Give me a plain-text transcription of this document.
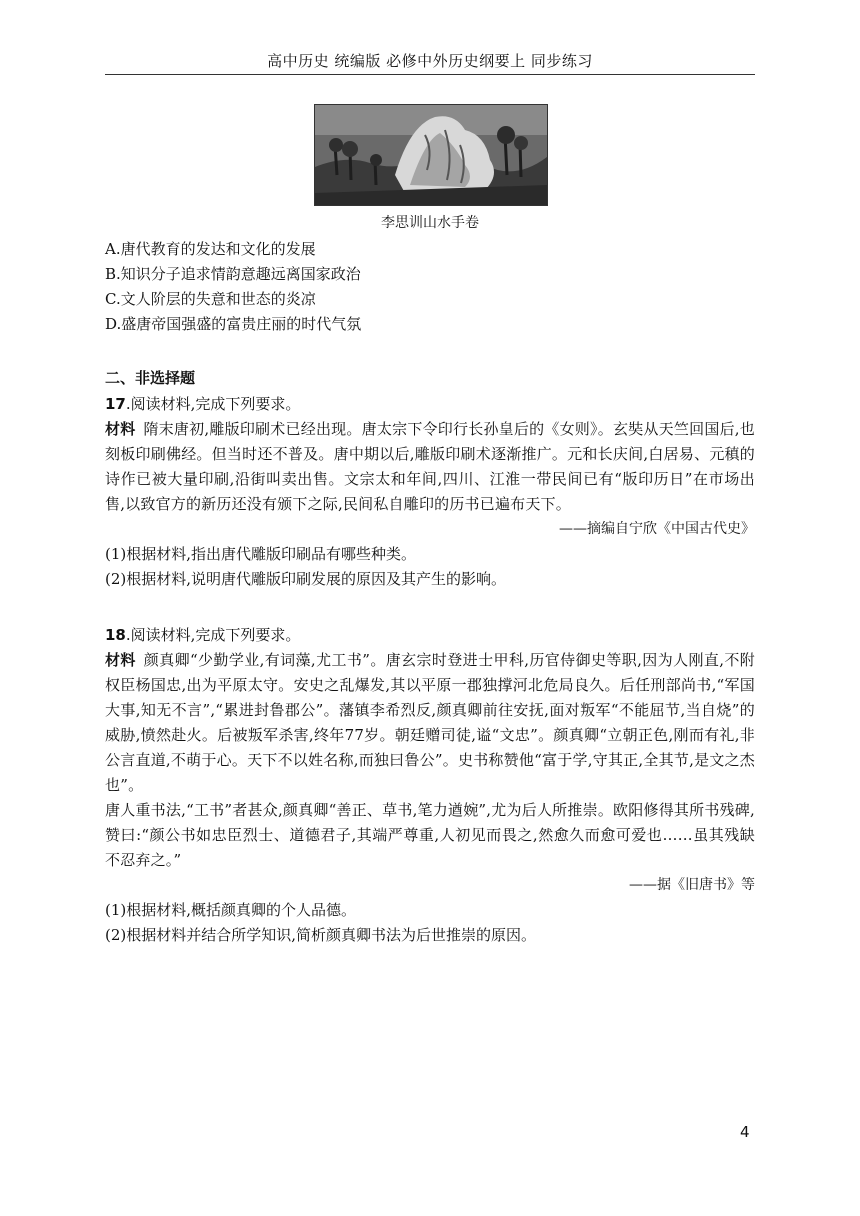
高中历史 统编版 必修中外历史纲要上 同步练习
李思训山水手卷
A.唐代教育的发达和文化的发展
B.知识分子追求情韵意趣远离国家政治
C.文人阶层的失意和世态的炎凉
D.盛唐帝国强盛的富贵庄丽的时代气氛
二、非选择题
17.阅读材料,完成下列要求。
材料 隋末唐初,雕版印刷术已经出现。唐太宗下令印行长孙皇后的《女则》。玄奘从天竺回国后,也刻板印刷佛经。但当时还不普及。唐中期以后,雕版印刷术逐渐推广。元和长庆间,白居易、元稹的诗作已被大量印刷,沿街叫卖出售。文宗太和年间,四川、江淮一带民间已有“版印历日”在市场出售,以致官方的新历还没有颁下之际,民间私自雕印的历书已遍布天下。
——摘编自宁欣《中国古代史》
(1)根据材料,指出唐代雕版印刷品有哪些种类。
(2)根据材料,说明唐代雕版印刷发展的原因及其产生的影响。
18.阅读材料,完成下列要求。
材料 颜真卿“少勤学业,有词藻,尤工书”。唐玄宗时登进士甲科,历官侍御史等职,因为人刚直,不附权臣杨国忠,出为平原太守。安史之乱爆发,其以平原一郡独撑河北危局良久。后任刑部尚书,“军国大事,知无不言”,“累进封鲁郡公”。藩镇李希烈反,颜真卿前往安抚,面对叛军“不能屈节,当自烧”的威胁,愤然赴火。后被叛军杀害,终年77岁。朝廷赠司徒,谥“文忠”。颜真卿“立朝正色,刚而有礼,非公言直道,不萌于心。天下不以姓名称,而独曰鲁公”。史书称赞他“富于学,守其正,全其节,是文之杰也”。
唐人重书法,“工书”者甚众,颜真卿“善正、草书,笔力遒婉”,尤为后人所推崇。欧阳修得其所书残碑,赞曰:“颜公书如忠臣烈士、道德君子,其端严尊重,人初见而畏之,然愈久而愈可爱也……虽其残缺不忍弃之。”
——据《旧唐书》等
(1)根据材料,概括颜真卿的个人品德。
(2)根据材料并结合所学知识,简析颜真卿书法为后世推崇的原因。
4
